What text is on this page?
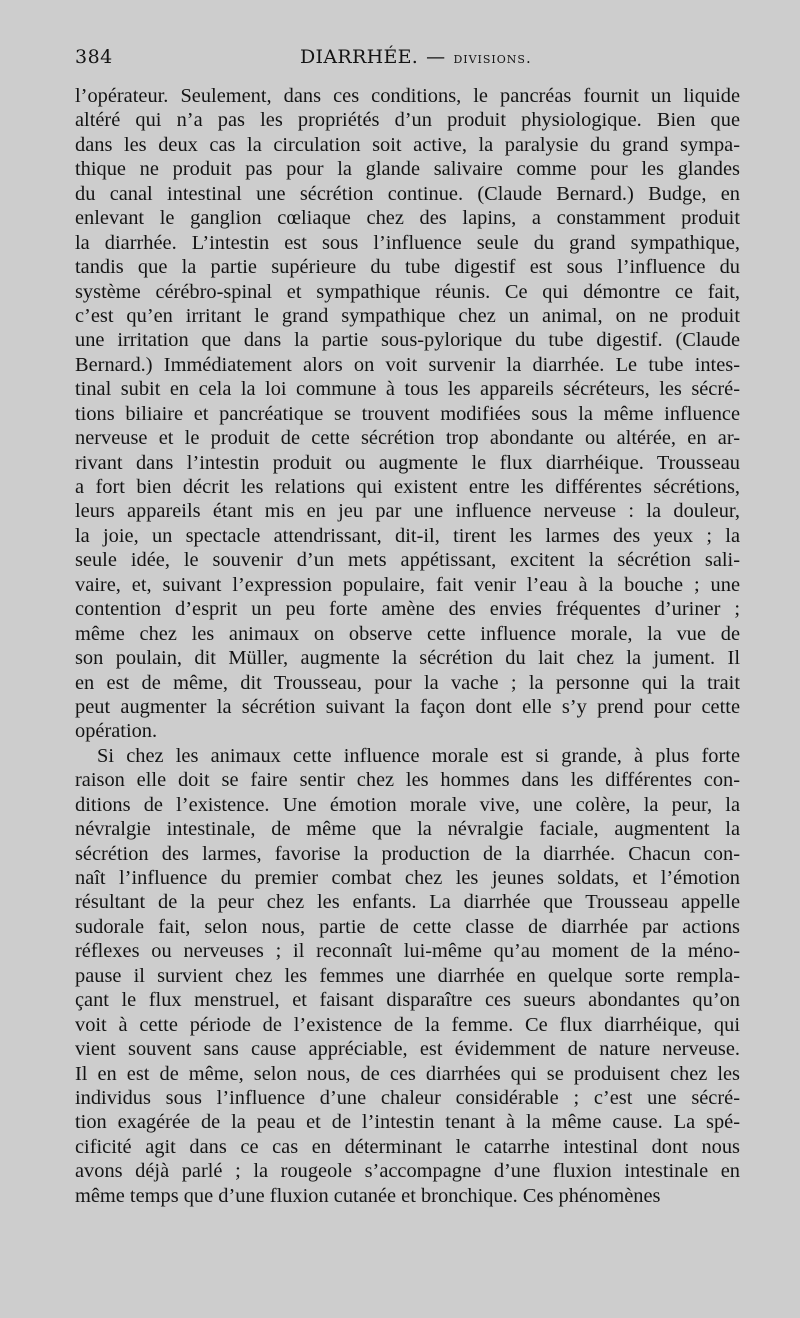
384	DIARRHÉE. — divisions.
l’opérateur. Seulement, dans ces conditions, le pancréas fournit un liquide
altéré qui n’a pas les propriétés d’un produit physiologique. Bien que
dans les deux cas la circulation soit active, la paralysie du grand sympa-
thique ne produit pas pour la glande salivaire comme pour les glandes
du canal intestinal une sécrétion continue. (Claude Bernard.) Budge, en
enlevant le ganglion cœliaque chez des lapins, a constamment produit
la diarrhée. L’intestin est sous l’influence seule du grand sympathique,
tandis que la partie supérieure du tube digestif est sous l’influence du
système cérébro-spinal et sympathique réunis. Ce qui démontre ce fait,
c’est qu’en irritant le grand sympathique chez un animal, on ne produit
une irritation que dans la partie sous-pylorique du tube digestif. (Claude
Bernard.) Immédiatement alors on voit survenir la diarrhée. Le tube intes-
tinal subit en cela la loi commune à tous les appareils sécréteurs, les sécré-
tions biliaire et pancréatique se trouvent modifiées sous la même influence
nerveuse et le produit de cette sécrétion trop abondante ou altérée, en ar-
rivant dans l’intestin produit ou augmente le flux diarrhéique. Trousseau
a fort bien décrit les relations qui existent entre les différentes sécrétions,
leurs appareils étant mis en jeu par une influence nerveuse : la douleur,
la joie, un spectacle attendrissant, dit-il, tirent les larmes des yeux ; la
seule idée, le souvenir d’un mets appétissant, excitent la sécrétion sali-
vaire, et, suivant l’expression populaire, fait venir l’eau à la bouche ; une
contention d’esprit un peu forte amène des envies fréquentes d’uriner ;
même chez les animaux on observe cette influence morale, la vue de
son poulain, dit Müller, augmente la sécrétion du lait chez la jument. Il
en est de même, dit Trousseau, pour la vache ; la personne qui la trait
peut augmenter la sécrétion suivant la façon dont elle s’y prend pour cette
opération.
Si chez les animaux cette influence morale est si grande, à plus forte
raison elle doit se faire sentir chez les hommes dans les différentes con-
ditions de l’existence. Une émotion morale vive, une colère, la peur, la
névralgie intestinale, de même que la névralgie faciale, augmentent la
sécrétion des larmes, favorise la production de la diarrhée. Chacun con-
naît l’influence du premier combat chez les jeunes soldats, et l’émotion
résultant de la peur chez les enfants. La diarrhée que Trousseau appelle
sudorale fait, selon nous, partie de cette classe de diarrhée par actions
réflexes ou nerveuses ; il reconnaît lui-même qu’au moment de la méno-
pause il survient chez les femmes une diarrhée en quelque sorte rempla-
çant le flux menstruel, et faisant disparaître ces sueurs abondantes qu’on
voit à cette période de l’existence de la femme. Ce flux diarrhéique, qui
vient souvent sans cause appréciable, est évidemment de nature nerveuse.
Il en est de même, selon nous, de ces diarrhées qui se produisent chez les
individus sous l’influence d’une chaleur considérable ; c’est une sécré-
tion exagérée de la peau et de l’intestin tenant à la même cause. La spé-
cificité agit dans ce cas en déterminant le catarrhe intestinal dont nous
avons déjà parlé ; la rougeole s’accompagne d’une fluxion intestinale en
même temps que d’une fluxion cutanée et bronchique. Ces phénomènes
